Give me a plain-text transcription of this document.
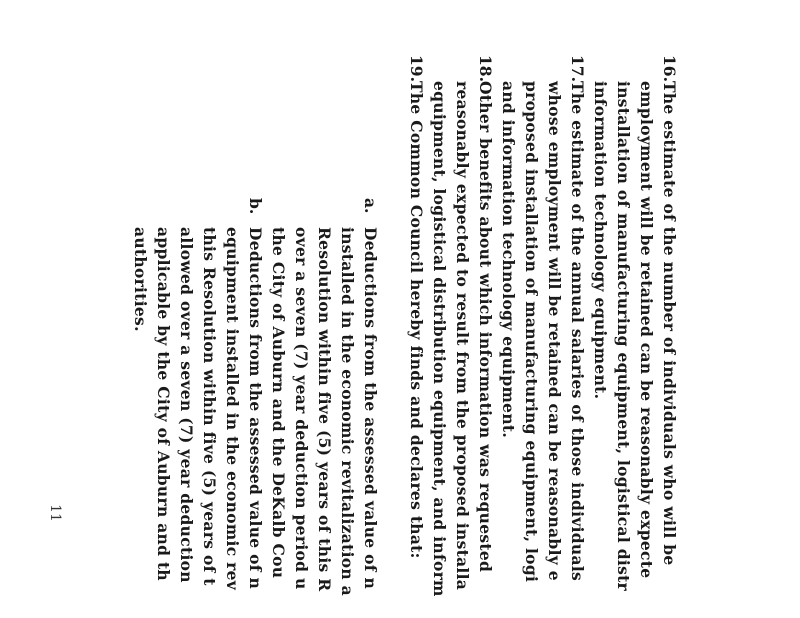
16.
The estimate of the number of individuals who will be
employment will be retained can be reasonably expecte
installation of manufacturing equipment, logistical distr
information technology equipment.
17.
The estimate of the annual salaries of those individuals
whose employment will be retained can be reasonably e
proposed installation of manufacturing equipment, logi
and information technology equipment.
18.
Other benefits about which information was requested
reasonably expected to result from the proposed installa
equipment, logistical distribution equipment, and inform
19.
The Common Council hereby finds and declares that:
a.
Deductions from the assessed value of n
installed in the economic revitalization a
Resolution within five (5) years of this R
over a seven (7) year deduction period u
the City of Auburn and the DeKalb Cou
b.
Deductions from the assessed value of n
equipment installed in the economic rev
this Resolution within five (5) years of t
allowed over a seven (7) year deduction
applicable by the City of Auburn and th
authorities.
11
